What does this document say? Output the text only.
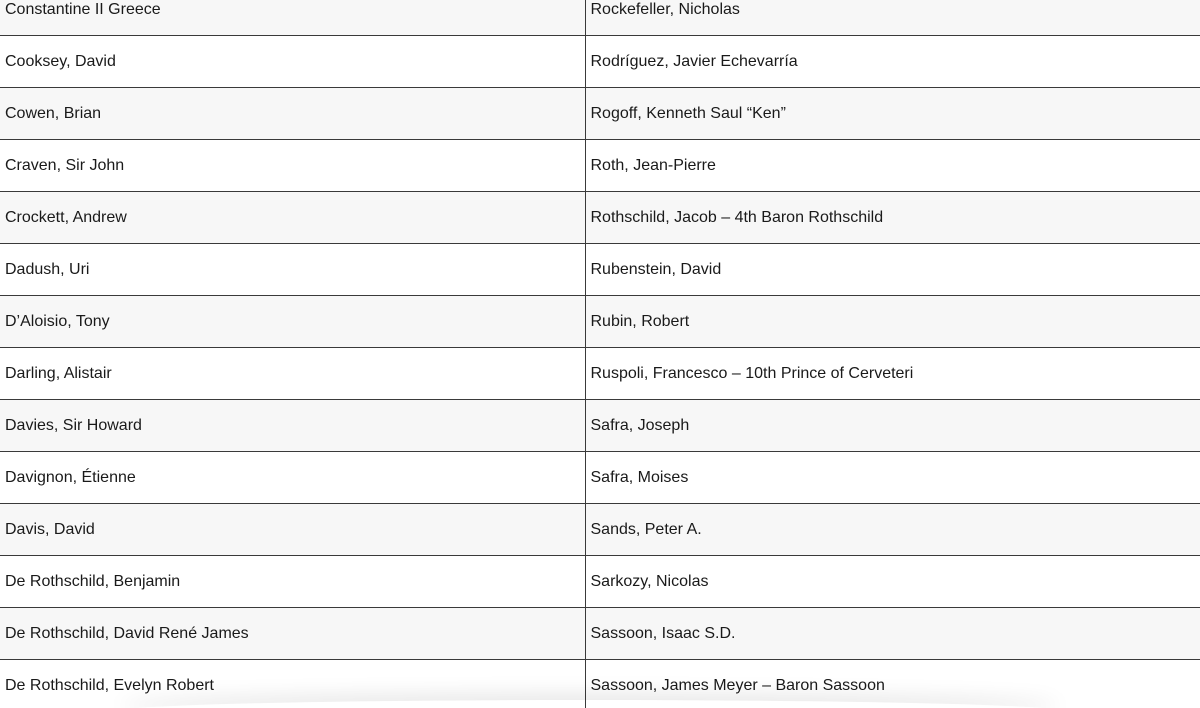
Constantine II Greece	Rockefeller, Nicholas
Cooksey, David	Rodríguez, Javier Echevarría
Cowen, Brian	Rogoff, Kenneth Saul “Ken”
Craven, Sir John	Roth, Jean-Pierre
Crockett, Andrew	Rothschild, Jacob – 4th Baron Rothschild
Dadush, Uri	Rubenstein, David
D’Aloisio, Tony	Rubin, Robert
Darling, Alistair	Ruspoli, Francesco – 10th Prince of Cerveteri
Davies, Sir Howard	Safra, Joseph
Davignon, Étienne	Safra, Moises
Davis, David	Sands, Peter A.
De Rothschild, Benjamin	Sarkozy, Nicolas
De Rothschild, David René James	Sassoon, Isaac S.D.
De Rothschild, Evelyn Robert	Sassoon, James Meyer – Baron Sassoon
